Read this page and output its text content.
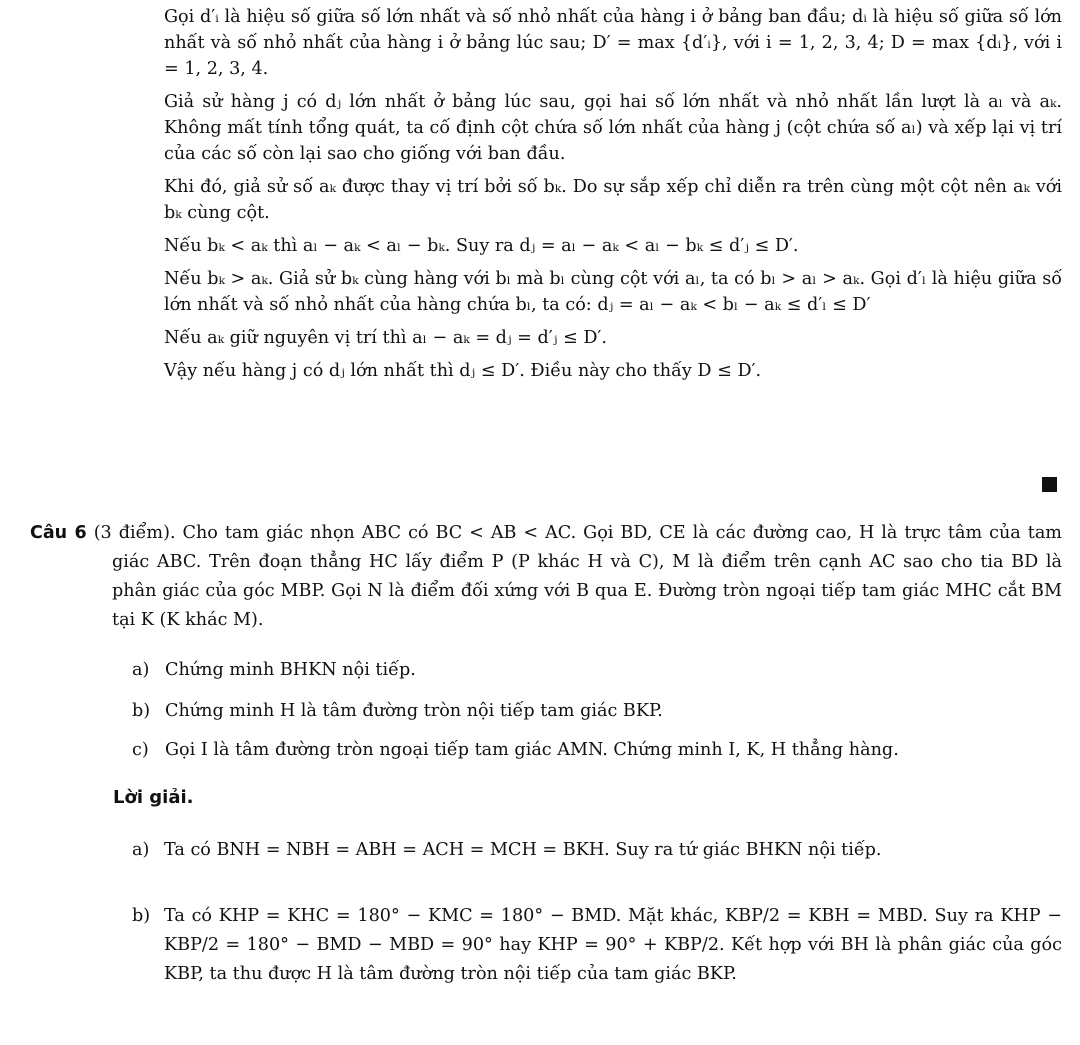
Gọi d′ᵢ là hiệu số giữa số lớn nhất và số nhỏ nhất của hàng i ở bảng ban đầu; dᵢ là hiệu số giữa số lớn nhất và số nhỏ nhất của hàng i ở bảng lúc sau; D′ = max {d′ᵢ}, với i = 1, 2, 3, 4; D = max {dᵢ}, với i = 1, 2, 3, 4.

Giả sử hàng j có dⱼ lớn nhất ở bảng lúc sau, gọi hai số lớn nhất và nhỏ nhất lần lượt là aₗ và aₖ. Không mất tính tổng quát, ta cố định cột chứa số lớn nhất của hàng j (cột chứa số aₗ) và xếp lại vị trí của các số còn lại sao cho giống với ban đầu.

Khi đó, giả sử số aₖ được thay vị trí bởi số bₖ. Do sự sắp xếp chỉ diễn ra trên cùng một cột nên aₖ với bₖ cùng cột.

Nếu bₖ < aₖ thì aₗ − aₖ < aₗ − bₖ. Suy ra dⱼ = aₗ − aₖ < aₗ − bₖ ≤ d′ⱼ ≤ D′.

Nếu bₖ > aₖ. Giả sử bₖ cùng hàng với bₗ mà bₗ cùng cột với aₗ, ta có bₗ > aₗ > aₖ. Gọi d′ₗ là hiệu giữa số lớn nhất và số nhỏ nhất của hàng chứa bₗ, ta có: dⱼ = aₗ − aₖ < bₗ − aₖ ≤ d′ₗ ≤ D′

Nếu aₖ giữ nguyên vị trí thì aₗ − aₖ = dⱼ = d′ⱼ ≤ D′.

Vậy nếu hàng j có dⱼ lớn nhất thì dⱼ ≤ D′. Điều này cho thấy D ≤ D′.

Câu 6 (3 điểm). Cho tam giác nhọn ABC có BC < AB < AC. Gọi BD, CE là các đường cao, H là trực tâm của tam giác ABC. Trên đoạn thẳng HC lấy điểm P (P khác H và C), M là điểm trên cạnh AC sao cho tia BD là phân giác của góc MBP. Gọi N là điểm đối xứng với B qua E. Đường tròn ngoại tiếp tam giác MHC cắt BM tại K (K khác M).
a) Chứng minh BHKN nội tiếp.
b) Chứng minh H là tâm đường tròn nội tiếp tam giác BKP.
c) Gọi I là tâm đường tròn ngoại tiếp tam giác AMN. Chứng minh I, K, H thẳng hàng.
Lời giải.
a) Ta có BNH = NBH = ABH = ACH = MCH = BKH. Suy ra tứ giác BHKN nội tiếp.
b) Ta có KHP = KHC = 180° − KMC = 180° − BMD. Mặt khác, KBP/2 = KBH = MBD. Suy ra KHP − KBP/2 = 180° − BMD − MBD = 90° hay KHP = 90° + KBP/2. Kết hợp với BH là phân giác của góc KBP, ta thu được H là tâm đường tròn nội tiếp của tam giác BKP.
